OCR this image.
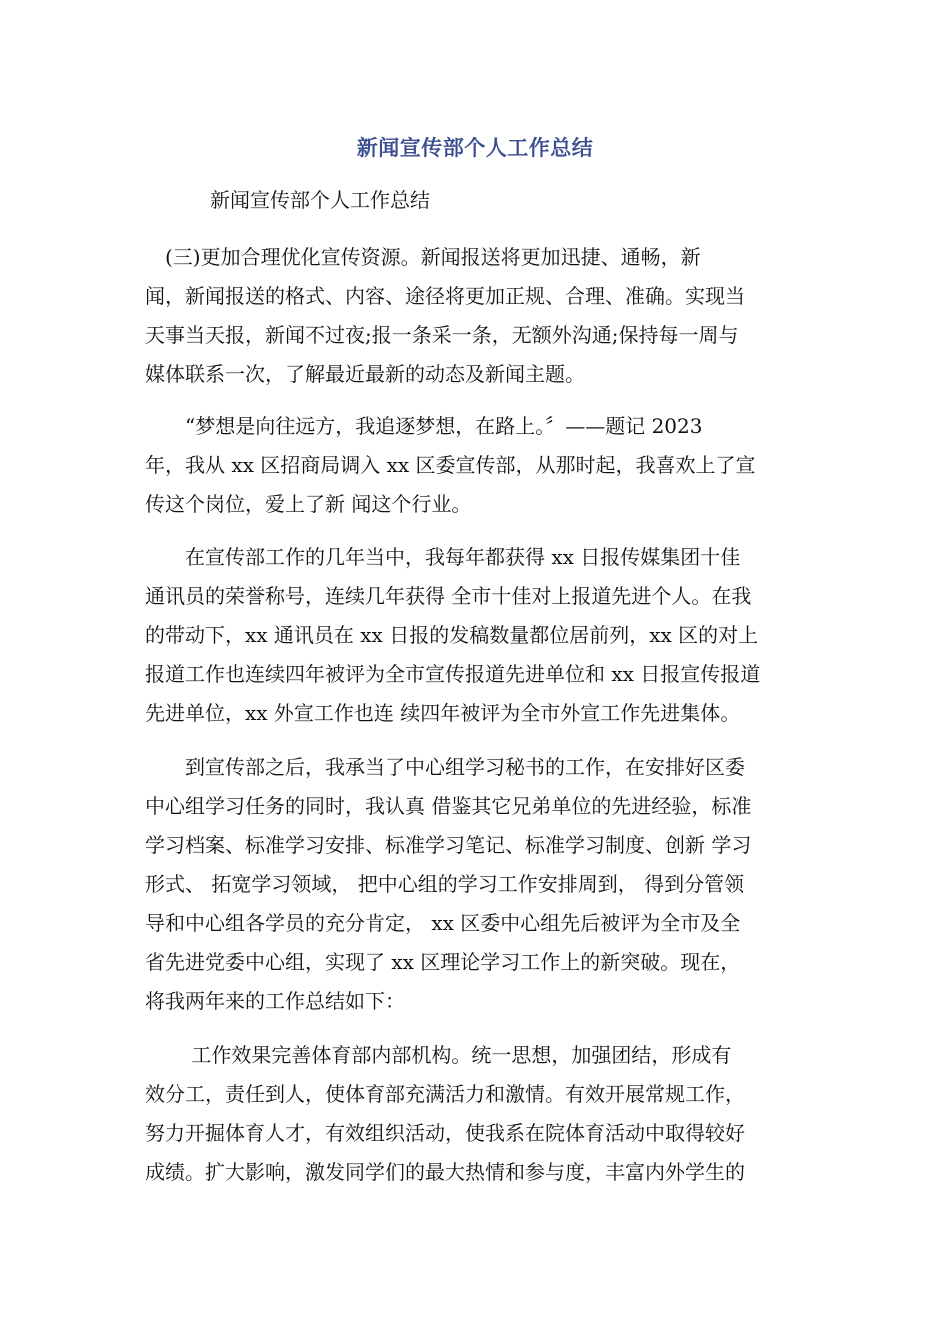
新闻宣传部个人工作总结
新闻宣传部个人工作总结
　(三)更加合理优化宣传资源。新闻报送将更加迅捷、通畅，新
闻，新闻报送的格式、内容、途径将更加正规、合理、准确。实现当
天事当天报，新闻不过夜;报一条采一条，无额外沟通;保持每一周与
媒体联系一次，了解最近最新的动态及新闻主题。
　　“梦想是向往远方，我追逐梦想，在路上。〞——题记 2023
年，我从 xx 区招商局调入 xx 区委宣传部，从那时起，我喜欢上了宣
传这个岗位，爱上了新 闻这个行业。
　　在宣传部工作的几年当中，我每年都获得 xx 日报传媒集团十佳
通讯员的荣誉称号，连续几年获得 全市十佳对上报道先进个人。在我
的带动下，xx 通讯员在 xx 日报的发稿数量都位居前列，xx 区的对上
报道工作也连续四年被评为全市宣传报道先进单位和 xx 日报宣传报道
先进单位，xx 外宣工作也连 续四年被评为全市外宣工作先进集体。
　　到宣传部之后，我承当了中心组学习秘书的工作，在安排好区委
中心组学习任务的同时，我认真 借鉴其它兄弟单位的先进经验，标准
学习档案、标准学习安排、标准学习笔记、标准学习制度、创新 学习
形式、 拓宽学习领域， 把中心组的学习工作安排周到， 得到分管领
导和中心组各学员的充分肯定， xx 区委中心组先后被评为全市及全
省先进党委中心组，实现了 xx 区理论学习工作上的新突破。现在，
将我两年来的工作总结如下：
　　 工作效果完善体育部内部机构。统一思想，加强团结，形成有
效分工，责任到人，使体育部充满活力和激情。有效开展常规工作，
努力开掘体育人才，有效组织活动，使我系在院体育活动中取得较好
成绩。扩大影响，激发同学们的最大热情和参与度，丰富内外学生的
